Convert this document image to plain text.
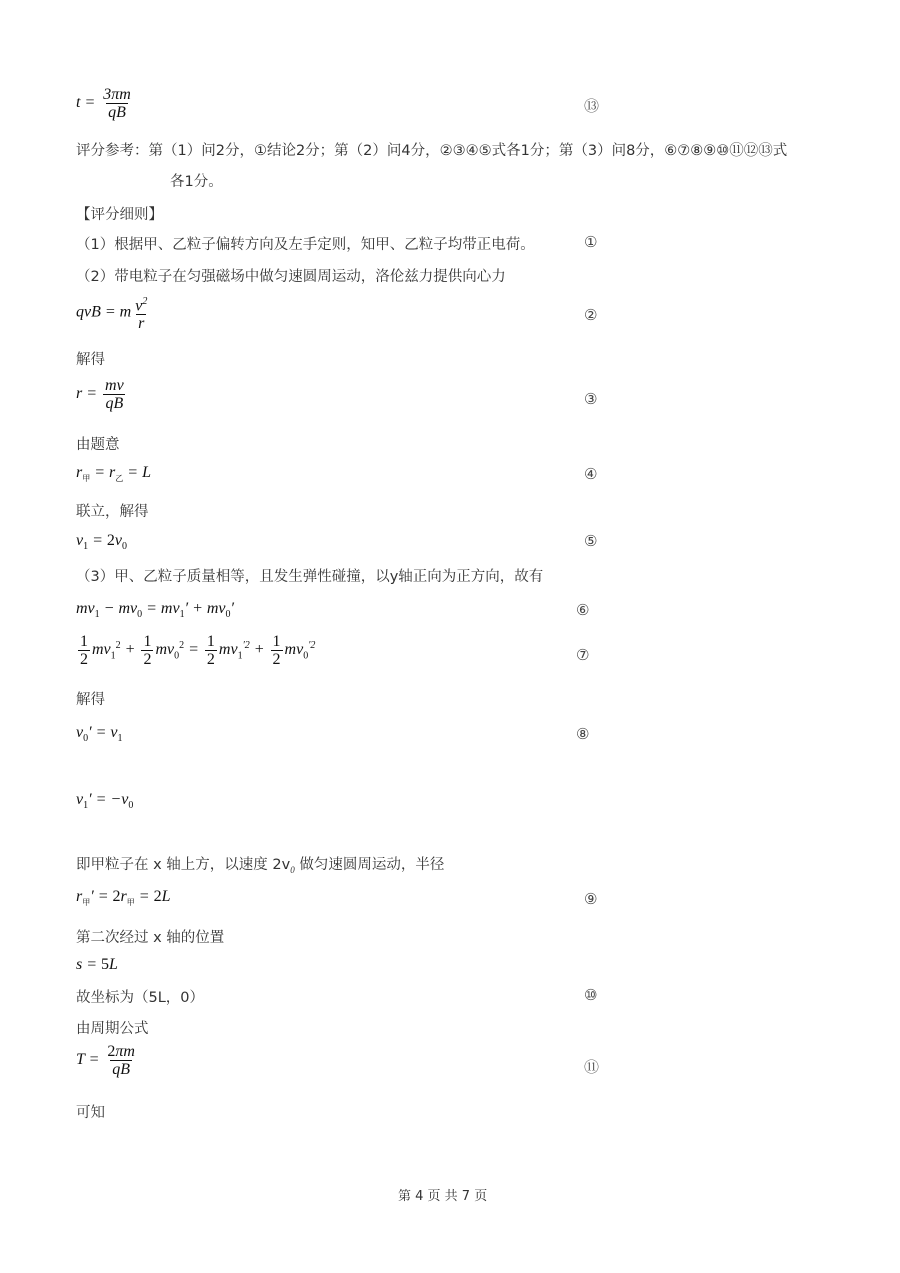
$t = \frac{3\pi m}{qB}$	⑬
评分参考：第（1）问2分，①结论2分；第（2）问4分，②③④⑤式各1分；第（3）问8分，⑥⑦⑧⑨⑩⑪⑫⑬式
各1分。
【评分细则】
（1）根据甲、乙粒子偏转方向及左手定则，知甲、乙粒子均带正电荷。	①
（2）带电粒子在匀强磁场中做匀速圆周运动，洛伦兹力提供向心力
qvB = m $\frac{v^2}{r}$	②
解得
$r = \frac{mv}{qB}$	③
由题意
$r_甲 = r_乙 = L$	④
联立，解得
$v_1 = 2v_0$	⑤
（3）甲、乙粒子质量相等，且发生弹性碰撞，以y轴正向为正方向，故有
$mv_1 - mv_0 = mv_1' + mv_0'$	⑥
$\frac{1}{2} mv_1^2 + \frac{1}{2} mv_0^2 = \frac{1}{2} mv_1^{'2} + \frac{1}{2} mv_0^{'2}$
⑦
解得
$v_0' = v_1$	⑧
$v_1' = -v_0$
即甲粒子在 x 轴上方，以速度 $2v_0$ 做匀速圆周运动，半径
$r_甲' = 2r_甲 = 2L$	⑨
第二次经过 x 轴的位置
s = 5L
故坐标为（5L，0）	⑩
由周期公式
$T = \frac{2\pi m}{qB}$	⑪
可知
第 4 页 共 7 页
